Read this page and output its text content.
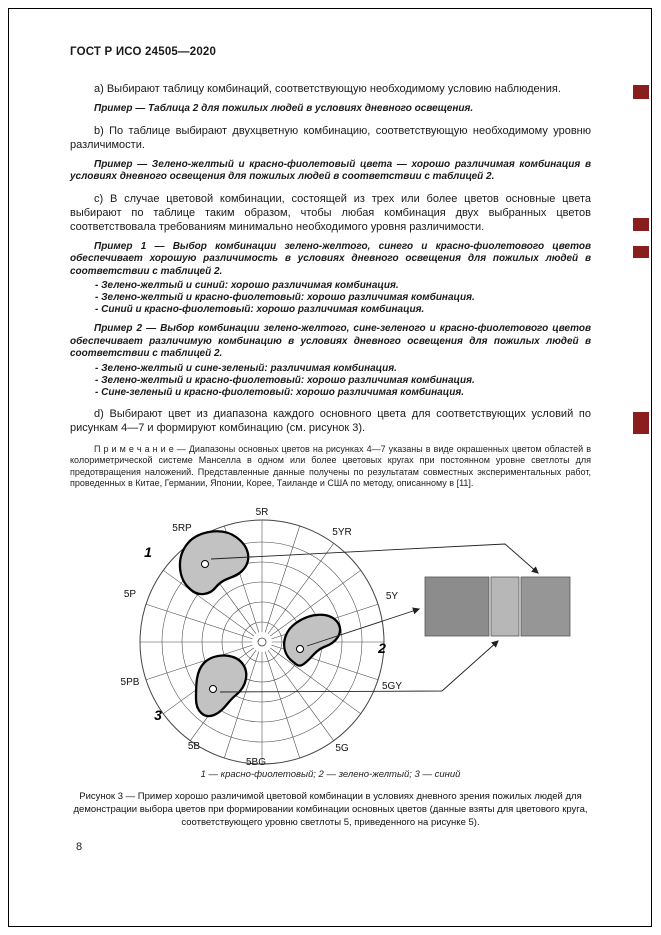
ГОСТ Р ИСО 24505—2020

a) Выбирают таблицу комбинаций, соответствующую необходимому условию наблюдения.

Пример — Таблица 2 для пожилых людей в условиях дневного освещения.

b) По таблице выбирают двухцветную комбинацию, соответствующую необходимому уровню различимости.

Пример — Зелено-желтый и красно-фиолетовый цвета — хорошо различимая комбинация в условиях дневного освещения для пожилых людей в соответствии с таблицей 2.

c) В случае цветовой комбинации, состоящей из трех или более цветов основные цвета выбирают по таблице таким образом, чтобы любая комбинация двух выбранных цветов соответствовала требованиям минимально необходимого уровня различимости.

Пример 1 — Выбор комбинации зелено-желтого, синего и красно-фиолетового цветов обеспечивает хорошую различимость в условиях дневного освещения для пожилых людей в соответствии с таблицей 2.

- Зелено-желтый и синий: хорошо различимая комбинация.
- Зелено-желтый и красно-фиолетовый: хорошо различимая комбинация.
- Синий и красно-фиолетовый: хорошо различимая комбинация.

Пример 2 — Выбор комбинации зелено-желтого, сине-зеленого и красно-фиолетового цветов обеспечивает различимую комбинацию в условиях дневного освещения для пожилых людей в соответствии с таблицей 2.

- Зелено-желтый и сине-зеленый: различимая комбинация.
- Зелено-желтый и красно-фиолетовый: хорошо различимая комбинация.
- Сине-зеленый и красно-фиолетовый: хорошо различимая комбинация.

d) Выбирают цвет из диапазона каждого основного цвета для соответствующих условий по рисункам 4—7 и формируют комбинацию (см. рисунок 3).

П р и м е ч а н и е — Диапазоны основных цветов на рисунках 4—7 указаны в виде окрашенных цветом областей в колориметрической системе Манселла в одном или более цветовых кругах при постоянном уровне светлоты для предотвращения наложений. Представленные данные получены по результатам совместных экспериментальных работ, проведенных в Китае, Германии, Японии, Корее, Таиланде и США по методу, описанному в [11].

5R
5YR
5Y
5GY
5G
5BG
5B
5PB
5P
5RP
1
2
3
1 — красно-фиолетовый; 2 — зелено-желтый; 3 — синий
Рисунок 3 — Пример хорошо различимой цветовой комбинации в условиях дневного зрения пожилых людей для демонстрации выбора цветов при формировании комбинации основных цветов (данные взяты для цветового круга, соответствующего уровню светлоты 5, приведенного на рисунке 5).
8
